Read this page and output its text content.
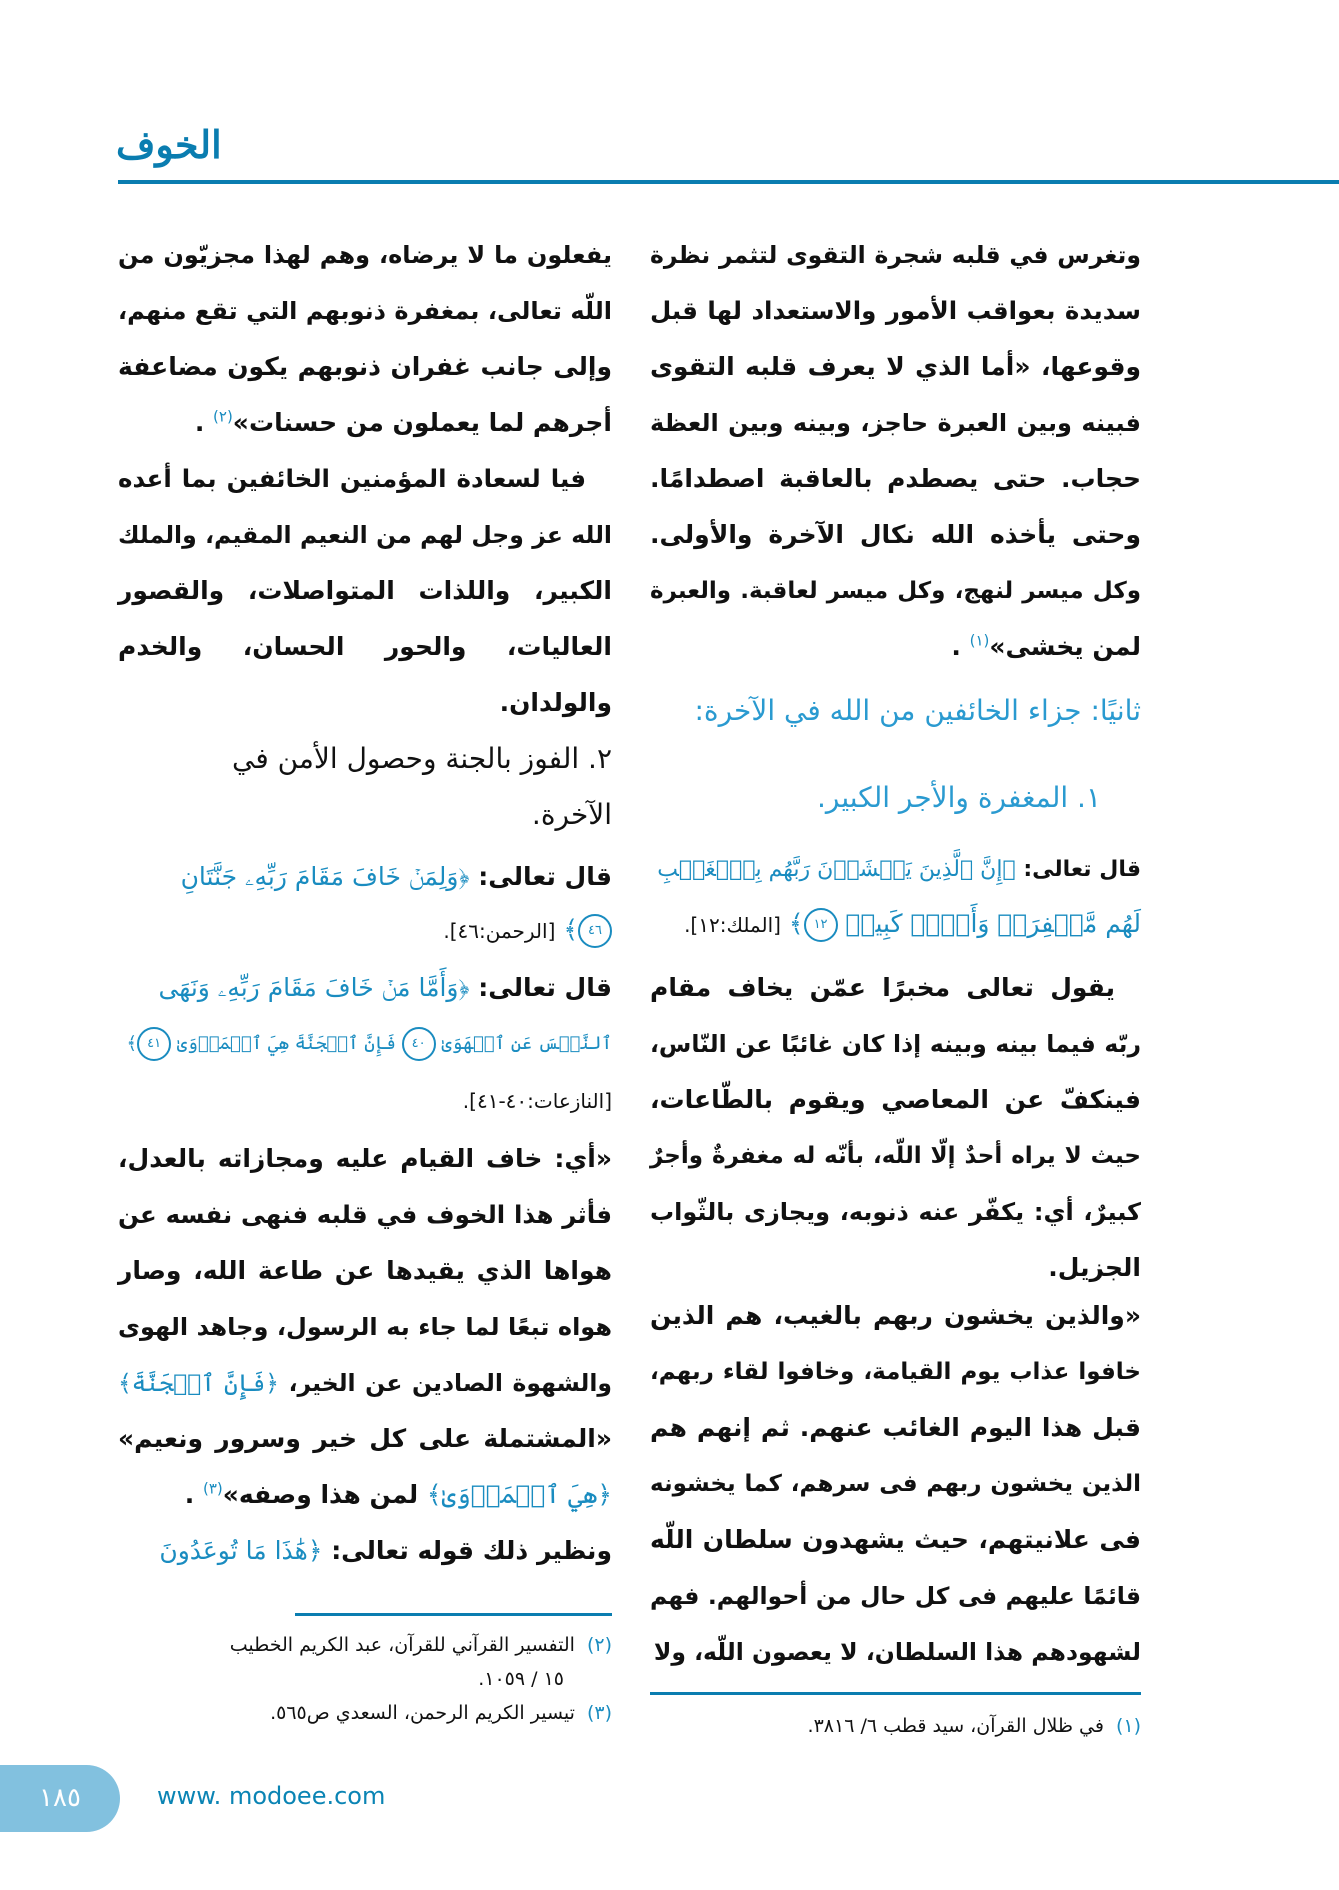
الخوف
وتغرس في قلبه شجرة التقوى لتثمر نظرة
سديدة بعواقب الأمور والاستعداد لها قبل
وقوعها، «أما الذي لا يعرف قلبه التقوى
فبينه وبين العبرة حاجز، وبينه وبين العظة
حجاب. حتى يصطدم بالعاقبة اصطدامًا.
وحتى يأخذه الله نكال الآخرة والأولى.
وكل ميسر لنهج، وكل ميسر لعاقبة. والعبرة
لمن يخشى»$^{(١)}$ .
ثانيًا: جزاء الخائفين من الله في الآخرة:
١. المغفرة والأجر الكبير.
قال تعالى: ﴿إِنَّ ٱلَّذِينَ يَخۡشَوۡنَ رَبَّهُم بِٱلۡغَيۡبِ
لَهُم مَّغۡفِرَةٞ وَأَجۡرٞ كَبِيرٞ ١٢﴾ [الملك:١٢].
يقول تعالى مخبرًا عمّن يخاف مقام
ربّه فيما بينه وبينه إذا كان غائبًا عن النّاس،
فينكفّ عن المعاصي ويقوم بالطّاعات،
حيث لا يراه أحدٌ إلّا اللّه، بأنّه له مغفرةٌ وأجرٌ
كبيرٌ، أي: يكفّر عنه ذنوبه، ويجازى بالثّواب
الجزيل.
«والذين يخشون ربهم بالغيب، هم الذين
خافوا عذاب يوم القيامة، وخافوا لقاء ربهم،
قبل هذا اليوم الغائب عنهم. ثم إنهم هم
الذين يخشون ربهم فى سرهم، كما يخشونه
فى علانيتهم، حيث يشهدون سلطان اللّه
قائمًا عليهم فى كل حال من أحوالهم. فهم
لشهودهم هذا السلطان، لا يعصون اللّه، ولا
(١)في ظلال القرآن، سيد قطب ٦/ ٣٨١٦.
يفعلون ما لا يرضاه، وهم لهذا مجزيّون من
اللّه تعالى، بمغفرة ذنوبهم التي تقع منهم،
وإلى جانب غفران ذنوبهم يكون مضاعفة
أجرهم لما يعملون من حسنات»$^{(٢)}$ .
فيا لسعادة المؤمنين الخائفين بما أعده
الله عز وجل لهم من النعيم المقيم، والملك
الكبير، واللذات المتواصلات، والقصور
العاليات، والحور الحسان، والخدم
والولدان.
٢. الفوز بالجنة وحصول الأمن في
الآخرة.
قال تعالى: ﴿وَلِمَنۡ خَافَ مَقَامَ رَبِّهِۦ جَنَّتَانِ
٤٦﴾ [الرحمن:٤٦].
قال تعالى: ﴿وَأَمَّا مَنۡ خَافَ مَقَامَ رَبِّهِۦ وَنَهَى
ٱلنَّفۡسَ عَنِ ٱلۡهَوَىٰ ٤٠ فَإِنَّ ٱلۡجَنَّةَ هِيَ ٱلۡمَأۡوَىٰ ٤١﴾
[النازعات:٤٠-٤١].
«أي: خاف القيام عليه ومجازاته بالعدل،
فأثر هذا الخوف في قلبه فنهى نفسه عن
هواها الذي يقيدها عن طاعة الله، وصار
هواه تبعًا لما جاء به الرسول، وجاهد الهوى
والشهوة الصادين عن الخير، ﴿فَإِنَّ ٱلۡجَنَّةَ﴾
«المشتملة على كل خير وسرور ونعيم»
﴿هِيَ ٱلۡمَأۡوَىٰ﴾ لمن هذا وصفه»$^{(٣)}$ .
ونظير ذلك قوله تعالى: ﴿هَٰذَا مَا تُوعَدُونَ
(٢)التفسير القرآني للقرآن، عبد الكريم الخطيب
١٥ / ١٠٥٩.
(٣)تيسير الكريم الرحمن، السعدي ص٥٦٥.
١٨٥	www. modoee.com
